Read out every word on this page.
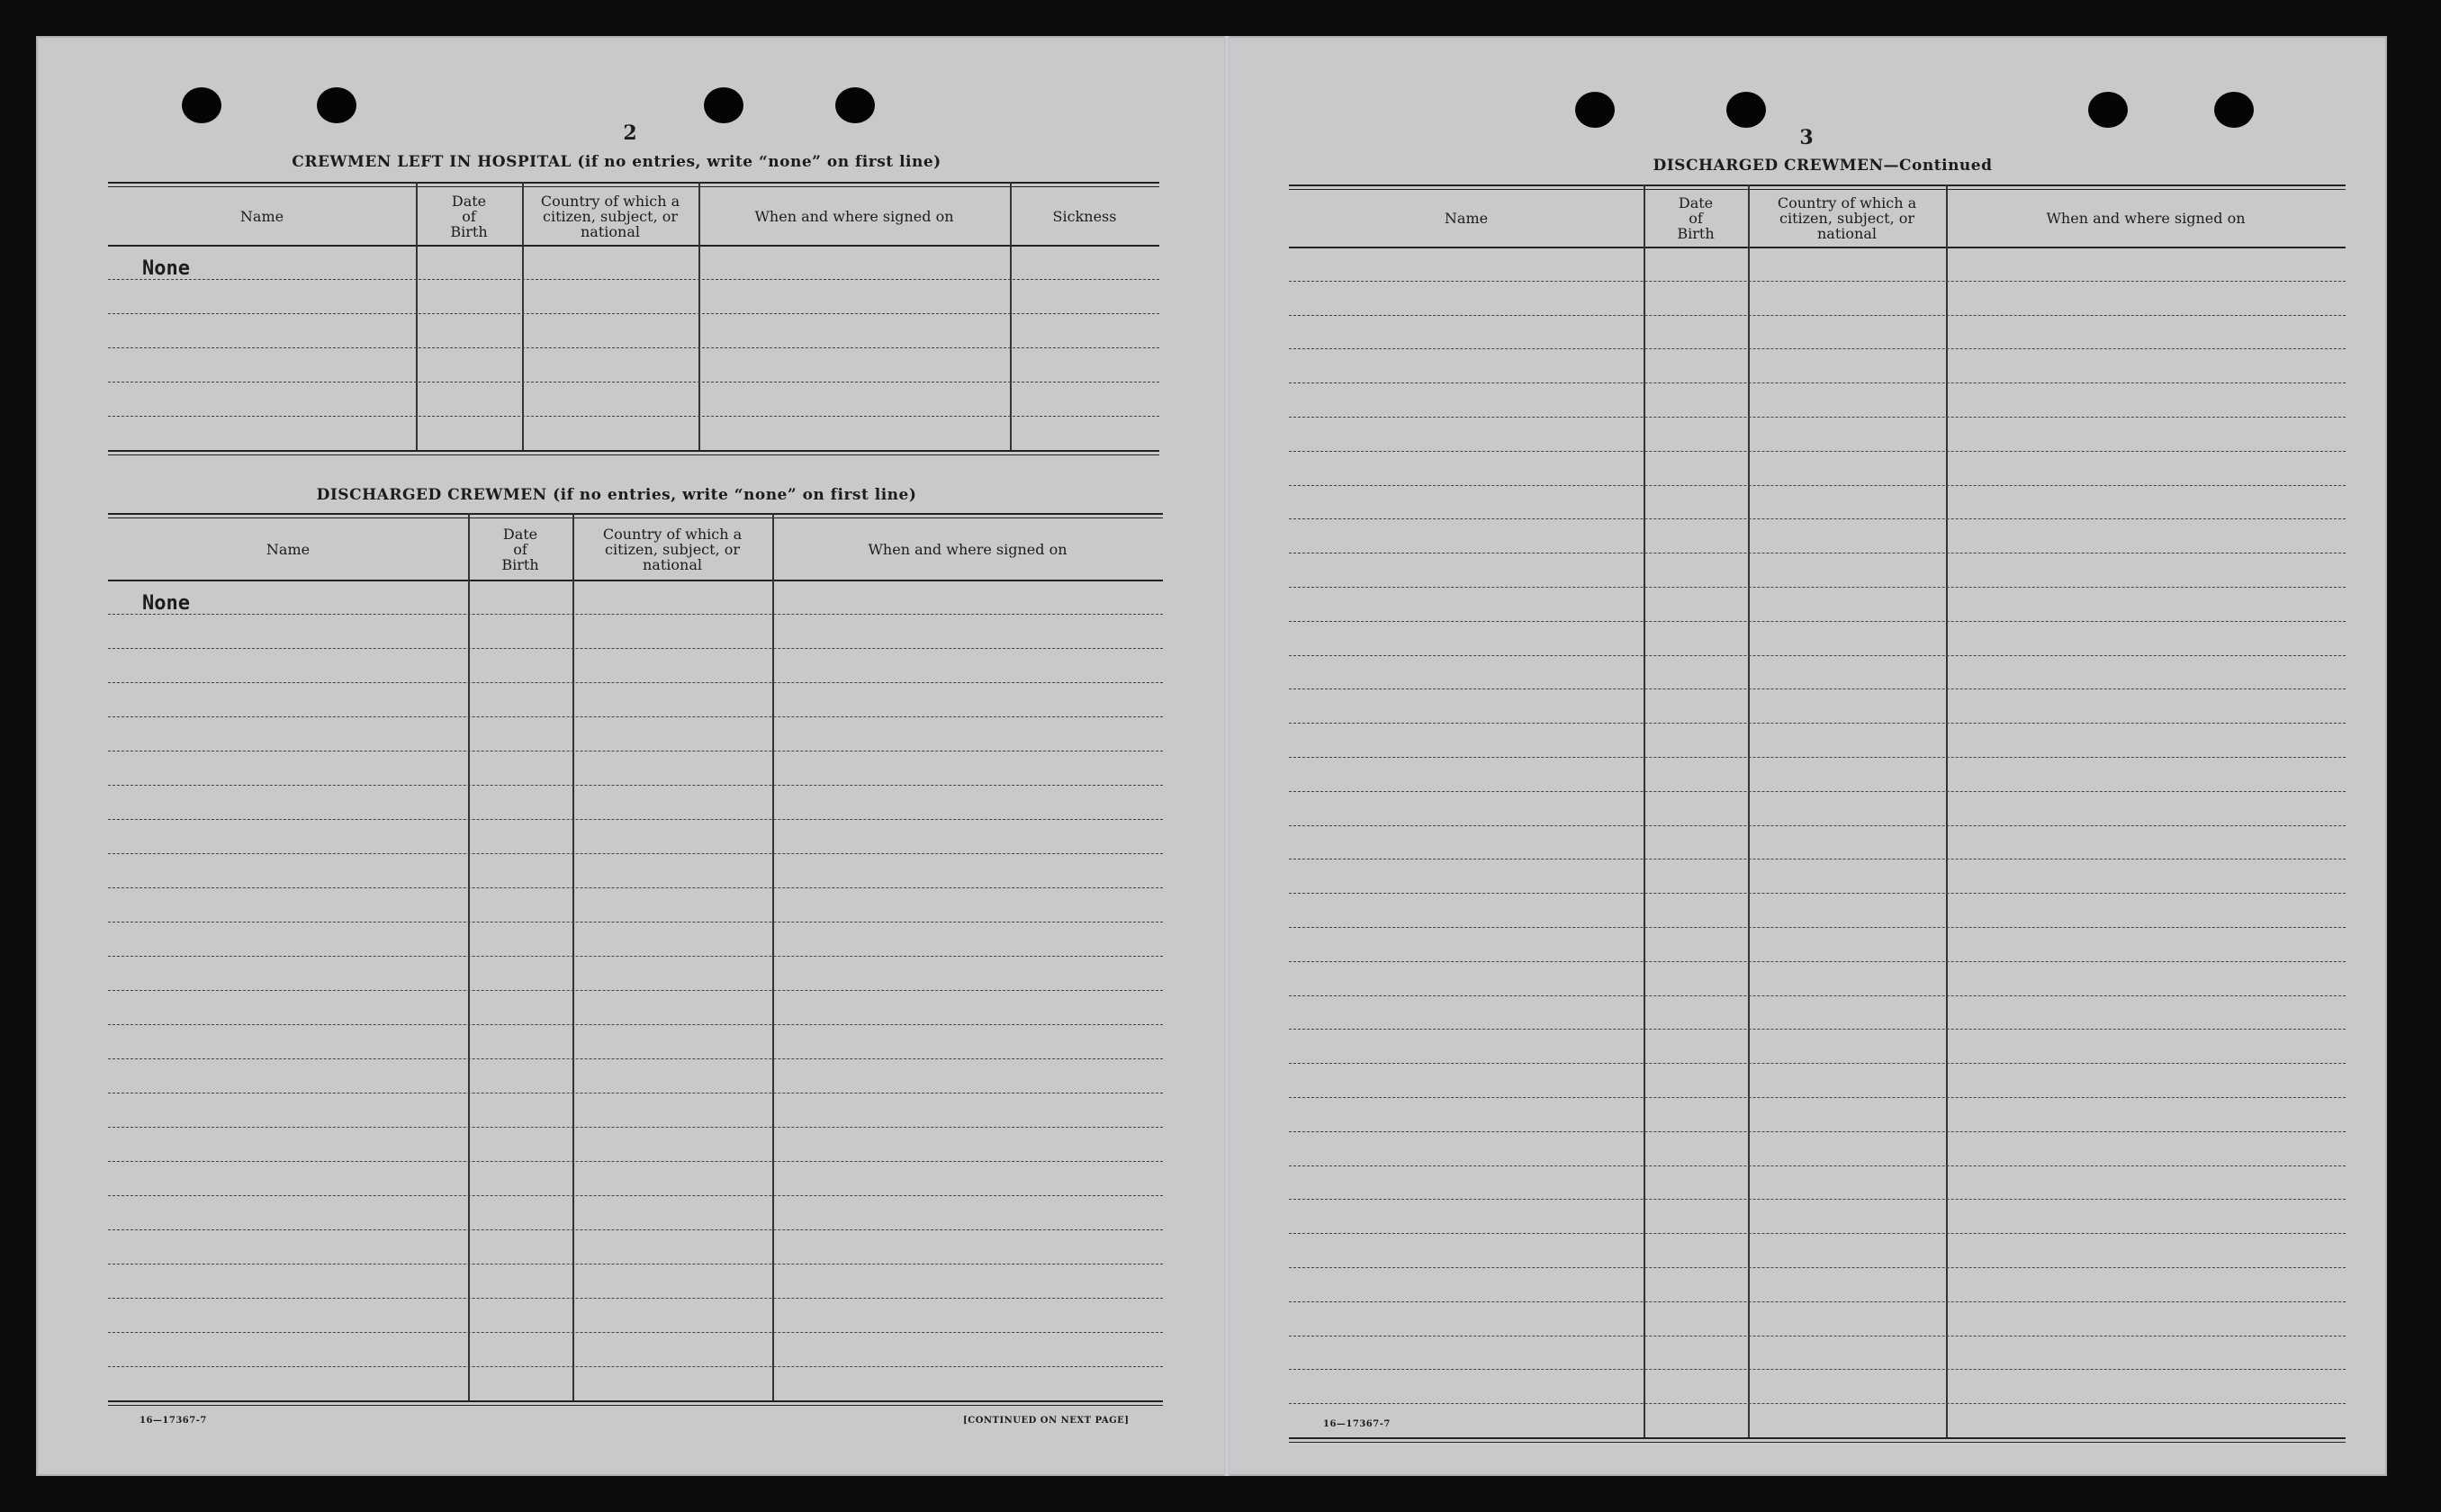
2
CREWMEN LEFT IN HOSPITAL (if no entries, write “none” on first line)
DISCHARGED CREWMEN (if no entries, write “none” on first line)
16—17367-7	[CONTINUED ON NEXT PAGE]
3
DISCHARGED CREWMEN—Continued
16—17367-7
Name
Date
of
Birth
Country of which a
citizen, subject, or
national
When and where signed on	Sickness
None
Name
Date
of
Birth
Country of which a
citizen, subject, or
national
When and where signed on
None
Name
Date
of
Birth
Country of which a
citizen, subject, or
national
When and where signed on
